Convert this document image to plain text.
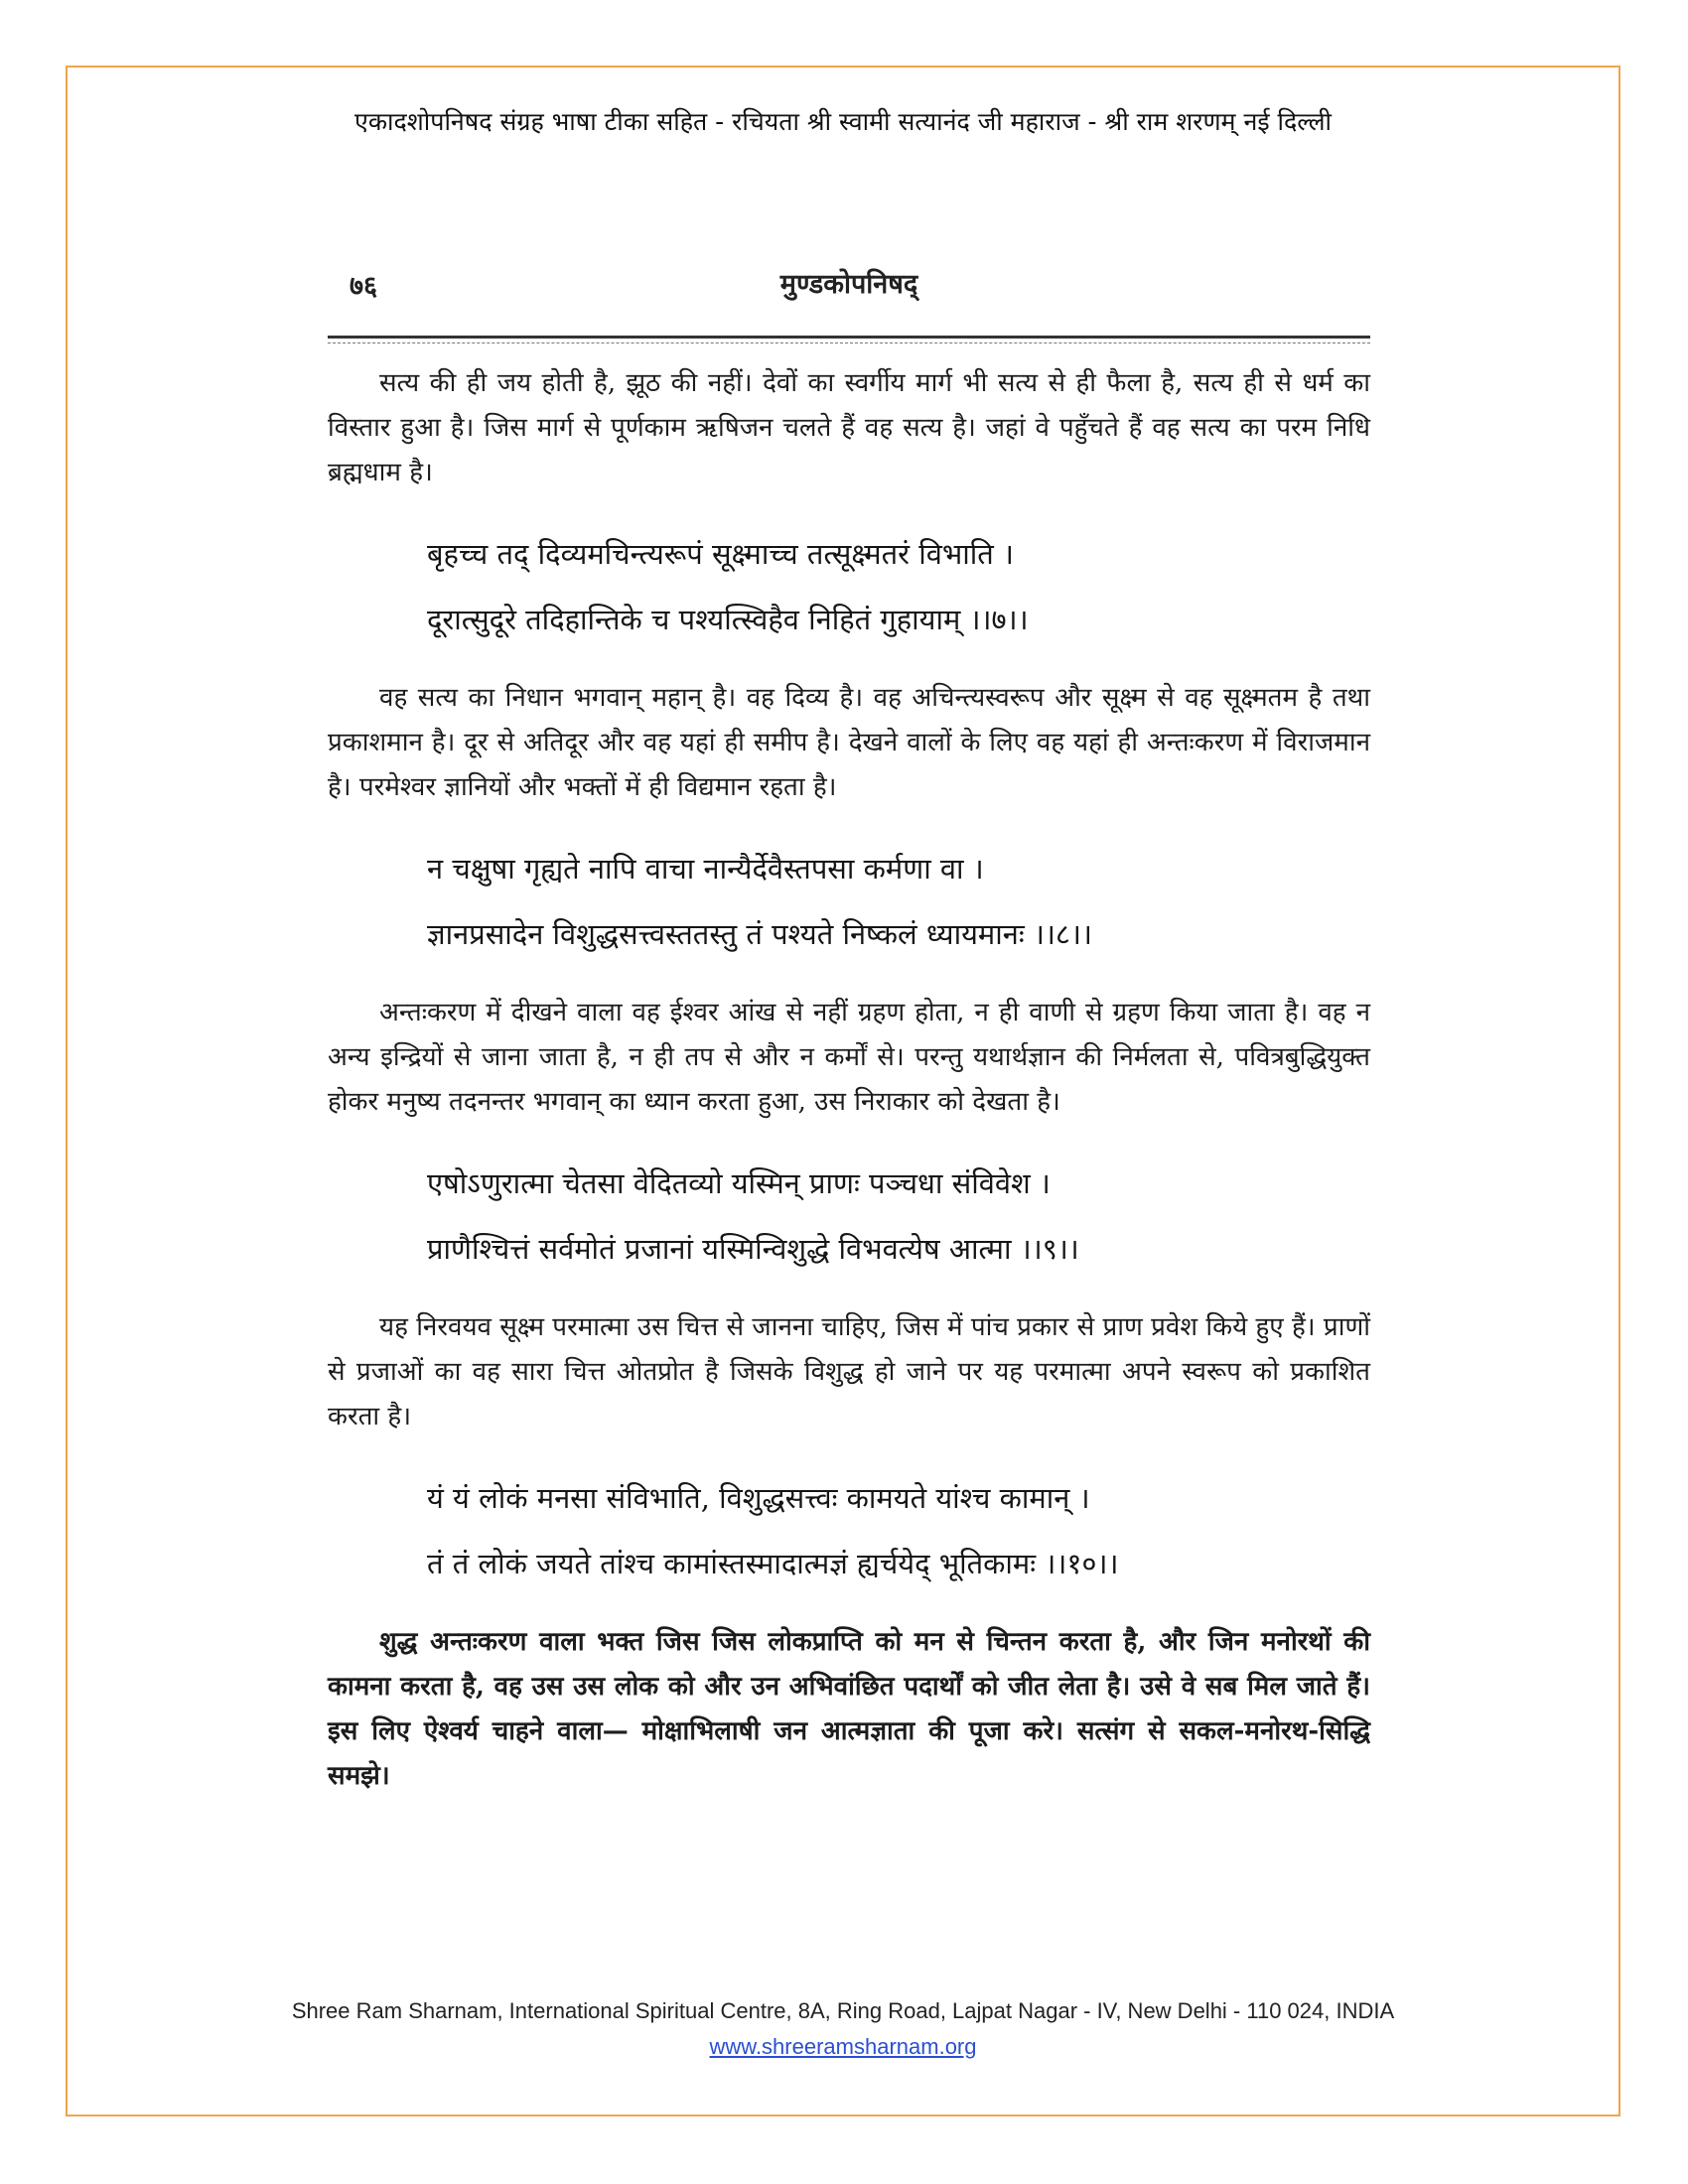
एकादशोपनिषद संग्रह भाषा टीका सहित - रचियता श्री स्वामी सत्यानंद जी महाराज - श्री राम शरणम् नई दिल्ली
७६	मुण्डकोपनिषद्

सत्य की ही जय होती है, झूठ की नहीं। देवों का स्वर्गीय मार्ग भी सत्य से ही फैला है, सत्य ही से धर्म का विस्तार हुआ है। जिस मार्ग से पूर्णकाम ऋषिजन चलते हैं वह सत्य है। जहां वे पहुँचते हैं वह सत्य का परम निधि ब्रह्मधाम है।

बृहच्च तद् दिव्यमचिन्त्यरूपं सूक्ष्माच्च तत्सूक्ष्मतरं विभाति ।
दूरात्सुदूरे तदिहान्तिके च पश्यत्स्विहैव निहितं गुहायाम् ।।७।।

वह सत्य का निधान भगवान् महान् है। वह दिव्य है। वह अचिन्त्यस्वरूप और सूक्ष्म से वह सूक्ष्मतम है तथा प्रकाशमान है। दूर से अतिदूर और वह यहां ही समीप है। देखने वालों के लिए वह यहां ही अन्तःकरण में विराजमान है। परमेश्वर ज्ञानियों और भक्तों में ही विद्यमान रहता है।

न चक्षुषा गृह्यते नापि वाचा नान्यैर्देवैस्तपसा कर्मणा वा ।
ज्ञानप्रसादेन विशुद्धसत्त्वस्ततस्तु तं पश्यते निष्कलं ध्यायमानः ।।८।।

अन्तःकरण में दीखने वाला वह ईश्वर आंख से नहीं ग्रहण होता, न ही वाणी से ग्रहण किया जाता है। वह न अन्य इन्द्रियों से जाना जाता है, न ही तप से और न कर्मों से। परन्तु यथार्थज्ञान की निर्मलता से, पवित्रबुद्धियुक्त होकर मनुष्य तदनन्तर भगवान् का ध्यान करता हुआ, उस निराकार को देखता है।

एषोऽणुरात्मा चेतसा वेदितव्यो यस्मिन् प्राणः पञ्चधा संविवेश ।
प्राणैश्चित्तं सर्वमोतं प्रजानां यस्मिन्विशुद्धे विभवत्येष आत्मा ।।९।।

यह निरवयव सूक्ष्म परमात्मा उस चित्त से जानना चाहिए, जिस में पांच प्रकार से प्राण प्रवेश किये हुए हैं। प्राणों से प्रजाओं का वह सारा चित्त ओतप्रोत है जिसके विशुद्ध हो जाने पर यह परमात्मा अपने स्वरूप को प्रकाशित करता है।

यं यं लोकं मनसा संविभाति, विशुद्धसत्त्वः कामयते यांश्च कामान् ।
तं तं लोकं जयते तांश्च कामांस्तस्मादात्मज्ञं ह्यर्चयेद् भूतिकामः ।।१०।।

शुद्ध अन्तःकरण वाला भक्त जिस जिस लोकप्राप्ति को मन से चिन्तन करता है, और जिन मनोरथों की कामना करता है, वह उस उस लोक को और उन अभिवांछित पदार्थों को जीत लेता है। उसे वे सब मिल जाते हैं। इस लिए ऐश्वर्य चाहने वाला— मोक्षाभिलाषी जन आत्मज्ञाता की पूजा करे। सत्संग से सकल-मनोरथ-सिद्धि समझे।

Shree Ram Sharnam, International Spiritual Centre, 8A, Ring Road, Lajpat Nagar - IV, New Delhi - 110 024, INDIA
www.shreeramsharnam.org
